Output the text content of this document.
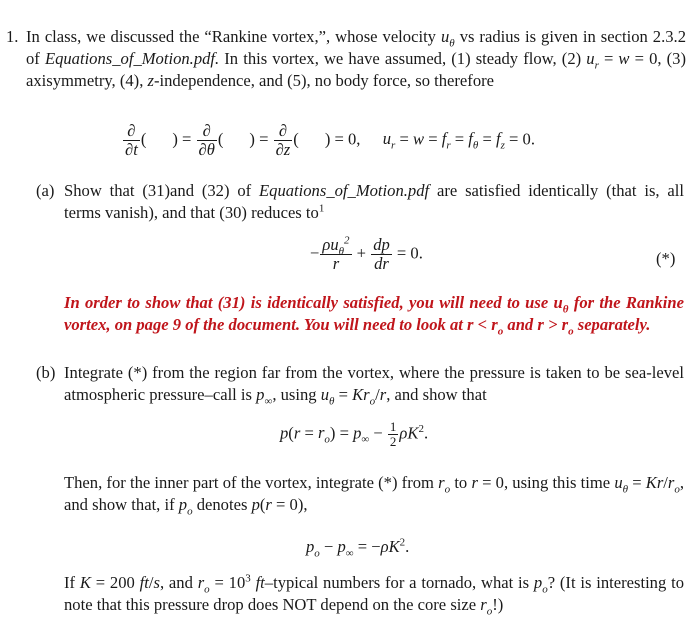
1. In class, we discussed the “Rankine vortex,”, whose velocity $u_\theta$ vs radius is given in section 2.3.2 of Equations_of_Motion.pdf. In this vortex, we have assumed, (1) steady flow, (2) $u_r = w = 0$, (3) axisymmetry, (4), z-independence, and (5), no body force, so therefore
$\frac{\partial}{\partial t}$ ( ) = $\frac{\partial}{\partial\theta}$ ( ) = $\frac{\partial}{\partial z}$ ( ) = 0,  $u_r = w = f_r = f_\theta = f_z = 0$.
(a) Show that (31)and (32) of Equations_of_Motion.pdf are satisfied identically (that is, all terms vanish), and that (30) reduces $to^1$
− $\frac{\rho u_\theta^2}{r} + \frac{dp}{dr} = 0$.	(*)
In order to show that (31) is identically satisfied, you will need to use $u_\theta$ for the Rankine vortex, on page 9 of the document. You will need to look at $r < r_o$ and $r > r_o$ separately.
(b) Integrate (*) from the region far from the vortex, where the pressure is taken to be sea-level atmospheric pressure–call is $p_\infty$, using $u_\theta = Kr_o/r$, and show that
$p(r = r_o) = p_\infty - \frac{1}{2} \rho K^2$.
Then, for the inner part of the vortex, integrate (*) from $r_o$ to r = 0, using this time $u_\theta = Kr/r_o$, and show that, if $p_o$ denotes p(r = 0),
$p_o - p_\infty = -\rho K^2$.
If K = 200 ft/s, and $r_o = 10^3$ ft–typical numbers for a tornado, what is $p_o$? (It is interesting to note that this pressure drop does NOT depend on the core size $r_o$!)
